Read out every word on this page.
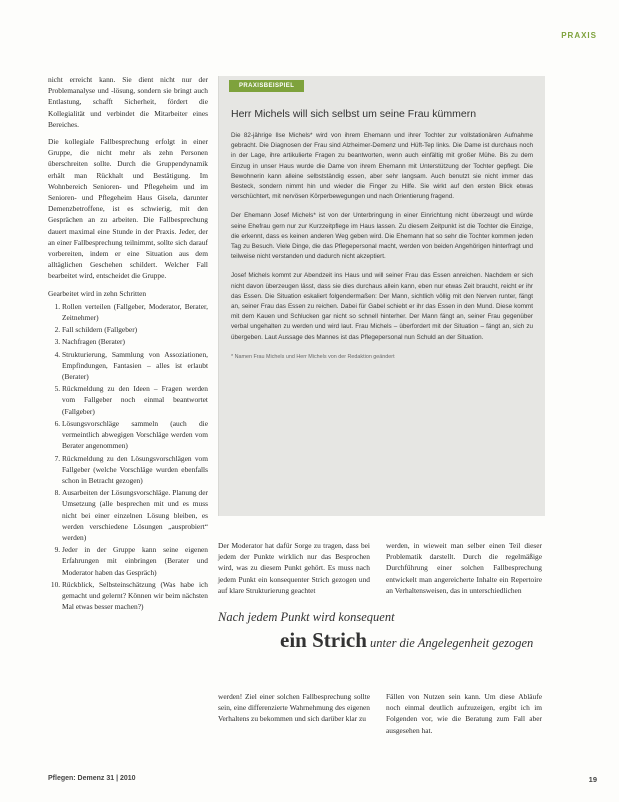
PRAXIS

nicht erreicht kann. Sie dient nicht nur der Problemanalyse und -lösung, sondern sie bringt auch Entlastung, schafft Sicherheit, fördert die Kollegialität und verbindet die Mitarbeiter eines Bereiches.

Die kollegiale Fallbesprechung erfolgt in einer Gruppe, die nicht mehr als zehn Personen überschreiten sollte. Durch die Gruppendynamik erhält man Rückhalt und Bestätigung. Im Wohnbereich Senioren- und Pflegeheim und im Senioren- und Pflegeheim Haus Gisela, darunter Demenzbetroffene, ist es schwierig, mit den Gesprächen an zu arbeiten. Die Fallbesprechung dauert maximal eine Stunde in der Praxis. Jeder, der an einer Fallbesprechung teilnimmt, sollte sich darauf vorbereiten, indem er eine Situation aus dem alltäglichen Geschehen schildert. Welcher Fall bearbeitet wird, entscheidet die Gruppe.

Gearbeitet wird in zehn Schritten

1. Rollen verteilen (Fallgeber, Moderator, Berater, Zeitnehmer)
2. Fall schildern (Fallgeber)
3. Nachfragen (Berater)
4. Strukturierung, Sammlung von Assoziationen, Empfindungen, Fantasien – alles ist erlaubt (Berater)
5. Rückmeldung zu den Ideen – Fragen werden vom Fallgeber noch einmal beantwortet (Fallgeber)
6. Lösungsvorschläge sammeln (auch die vermeintlich abwegigen Vorschläge werden vom Berater angenommen)
7. Rückmeldung zu den Lösungsvorschlägen vom Fallgeber (welche Vorschläge wurden ebenfalls schon in Betracht gezogen)
8. Ausarbeiten der Lösungsvorschläge. Planung der Umsetzung (alle besprechen mit und es muss nicht bei einer einzelnen Lösung bleiben, es werden verschiedene Lösungen „ausprobiert“ werden)
9. Jeder in der Gruppe kann seine eigenen Erfahrungen mit einbringen (Berater und Moderator haben das Gespräch)
10. Rückblick, Selbsteinschätzung (Was habe ich gemacht und gelernt? Können wir beim nächsten Mal etwas besser machen?)
PRAXISBEISPIEL
Herr Michels will sich selbst um seine Frau kümmern

Die 82-jährige Ilse Michels* wird von ihrem Ehemann und ihrer Tochter zur vollstationären Aufnahme gebracht. Die Diagnosen der Frau sind Alzheimer-Demenz und Hüft-Tep links. Die Dame ist durchaus noch in der Lage, ihre artikulierte Fragen zu beantworten, wenn auch einfältig mit großer Mühe. Bis zu dem Einzug in unser Haus wurde die Dame von ihrem Ehemann mit Unterstützung der Tochter gepflegt. Die Bewohnerin kann alleine selbstständig essen, aber sehr langsam. Auch benutzt sie nicht immer das Besteck, sondern nimmt hin und wieder die Finger zu Hilfe. Sie wirkt auf den ersten Blick etwas verschüchtert, mit nervösen Körperbewegungen und nach Orientierung fragend.

Der Ehemann Josef Michels* ist von der Unterbringung in einer Einrichtung nicht überzeugt und würde seine Ehefrau gern nur zur Kurzzeitpflege im Haus lassen. Zu diesem Zeitpunkt ist die Tochter die Einzige, die erkennt, dass es keinen anderen Weg geben wird. Die Ehemann hat so sehr die Tochter kommen jeden Tag zu Besuch. Viele Dinge, die das Pflegepersonal macht, werden von beiden Angehörigen hinterfragt und teilweise nicht verstanden und dadurch nicht akzeptiert.

Josef Michels kommt zur Abendzeit ins Haus und will seiner Frau das Essen anreichen. Nachdem er sich nicht davon überzeugen lässt, dass sie dies durchaus allein kann, eben nur etwas Zeit braucht, reicht er ihr das Essen. Die Situation eskaliert folgendermaßen: Der Mann, sichtlich völlig mit den Nerven runter, fängt an, seiner Frau das Essen zu reichen. Dabei für Gabel schiebt er ihr das Essen in den Mund. Diese kommt mit dem Kauen und Schlucken gar nicht so schnell hinterher. Der Mann fängt an, seiner Frau gegenüber verbal ungehalten zu werden und wird laut. Frau Michels – überfordert mit der Situation – fängt an, sich zu übergeben. Laut Aussage des Mannes ist das Pflegepersonal nun Schuld an der Situation.

* Namen Frau Michels und Herr Michels von der Redaktion geändert

Der Moderator hat dafür Sorge zu tragen, dass bei jedem der Punkte wirklich nur das Besprochen wird, was zu diesem Punkt gehört. Es muss nach jedem Punkt ein konsequenter Strich gezogen und auf klare Strukturierung geachtet

werden, in wieweit man selber einen Teil dieser Problematik darstellt. Durch die regelmäßige Durchführung einer solchen Fallbesprechung entwickelt man angereicherte Inhalte ein Repertoire an Verhaltensweisen, das in unterschiedlichen

Nach jedem Punkt wird konsequent
ein Strich unter die Angelegenheit gezogen

werden! Ziel einer solchen Fallbesprechung sollte sein, eine differenzierte Wahrnehmung des eigenen Verhaltens zu bekommen und sich darüber klar zu

Fällen von Nutzen sein kann. Um diese Abläufe noch einmal deutlich aufzuzeigen, ergibt ich im Folgenden vor, wie die Beratung zum Fall aber ausgesehen hat.

Pflegen: Demenz 31 | 2010	19
